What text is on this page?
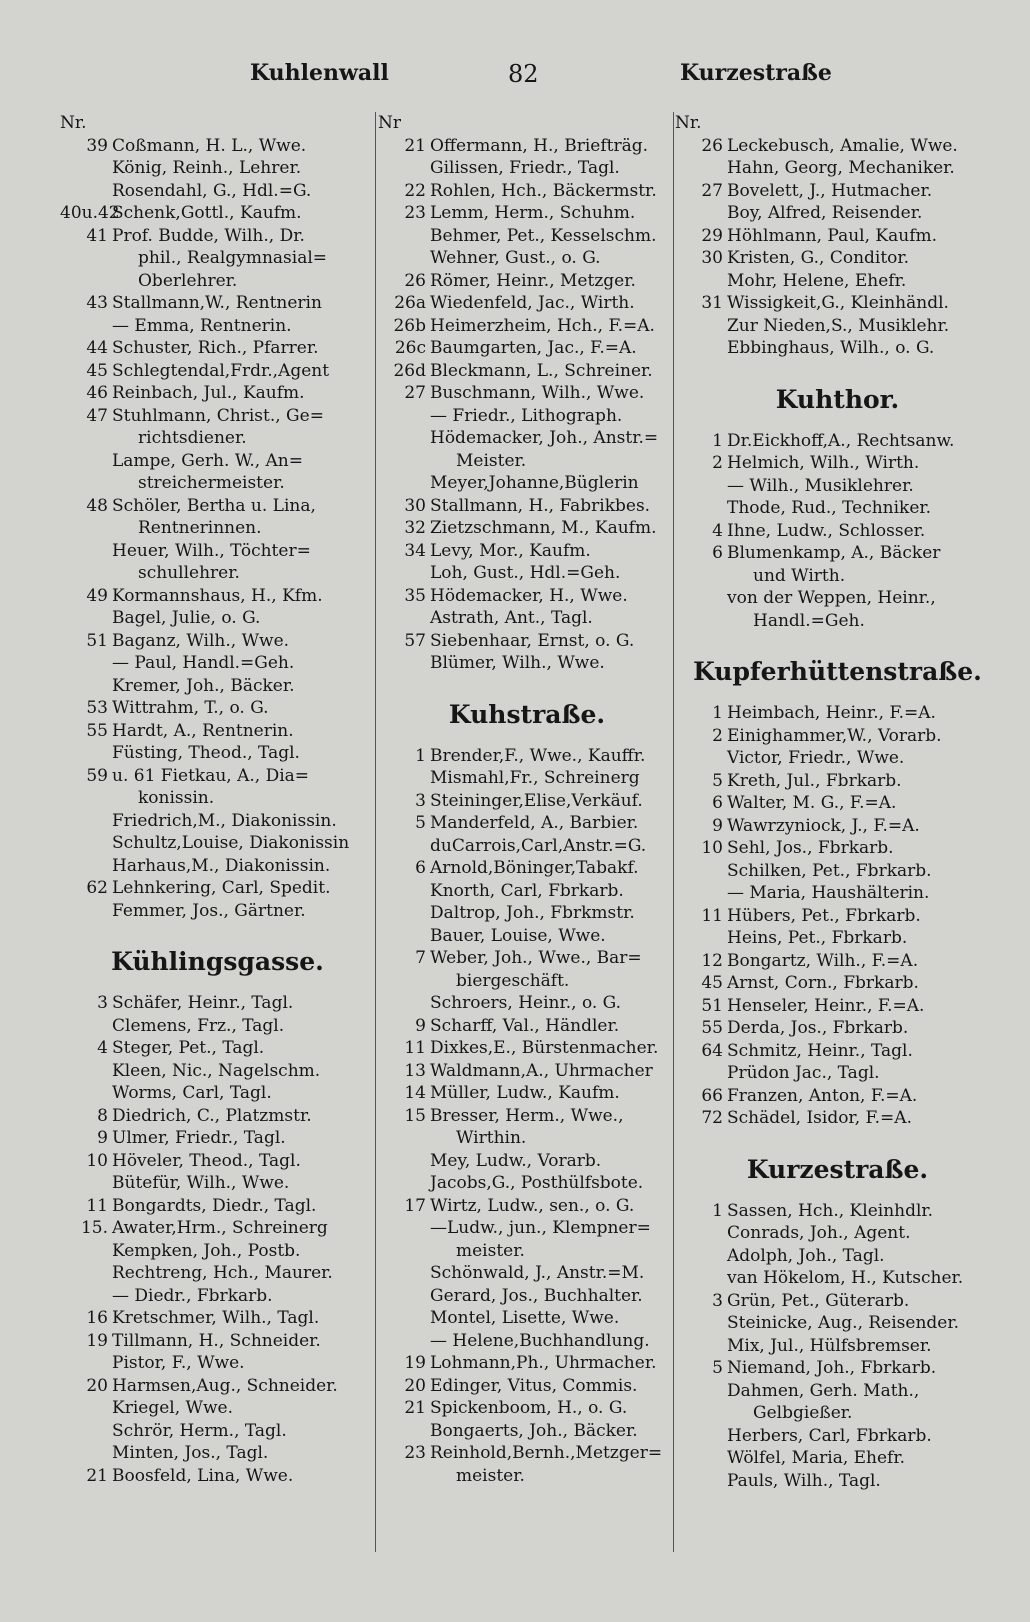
Kuhlenwall	82	Kurzestraße
Nr.
39 Coßmann, H. L., Wwe.
König, Reinh., Lehrer.
Rosendahl, G., Hdl.=G.
40u.42
Schenk,Gottl., Kaufm.
41 Prof. Budde, Wilh., Dr.
phil., Realgymnasial=
Oberlehrer.
43 Stallmann,W., Rentnerin
— Emma, Rentnerin.
44 Schuster, Rich., Pfarrer.
45 Schlegtendal,Frdr.,Agent
46 Reinbach, Jul., Kaufm.
47 Stuhlmann, Christ., Ge=
richtsdiener.
Lampe, Gerh. W., An=
streichermeister.
48 Schöler, Bertha u. Lina,
Rentnerinnen.
Heuer, Wilh., Töchter=
schullehrer.
49 Kormannshaus, H., Kfm.
Bagel, Julie, o. G.
51 Baganz, Wilh., Wwe.
— Paul, Handl.=Geh.
Kremer, Joh., Bäcker.
53 Wittrahm, T., o. G.
55 Hardt, A., Rentnerin.
Füsting, Theod., Tagl.
59 u. 61 Fietkau, A., Dia=
konissin.
Friedrich,M., Diakonissin.
Schultz,Louise, Diakonissin
Harhaus,M., Diakonissin.
62 Lehnkering, Carl, Spedit.
Femmer, Jos., Gärtner.
Kühlingsgasse.
3 Schäfer, Heinr., Tagl.
Clemens, Frz., Tagl.
4 Steger, Pet., Tagl.
Kleen, Nic., Nagelschm.
Worms, Carl, Tagl.
8 Diedrich, C., Platzmstr.
9 Ulmer, Friedr., Tagl.
10 Höveler, Theod., Tagl.
Bütefür, Wilh., Wwe.
11 Bongardts, Diedr., Tagl.
15. Awater,Hrm., Schreinerg
Kempken, Joh., Postb.
Rechtreng, Hch., Maurer.
— Diedr., Fbrkarb.
16 Kretschmer, Wilh., Tagl.
19 Tillmann, H., Schneider.
Pistor, F., Wwe.
20 Harmsen,Aug., Schneider.
Kriegel, Wwe.
Schrör, Herm., Tagl.
Minten, Jos., Tagl.
21 Boosfeld, Lina, Wwe.
Nr
21 Offermann, H., Briefträg.
Gilissen, Friedr., Tagl.
22 Rohlen, Hch., Bäckermstr.
23 Lemm, Herm., Schuhm.
Behmer, Pet., Kesselschm.
Wehner, Gust., o. G.
26 Römer, Heinr., Metzger.
26a Wiedenfeld, Jac., Wirth.
26b Heimerzheim, Hch., F.=A.
26c Baumgarten, Jac., F.=A.
26d Bleckmann, L., Schreiner.
27 Buschmann, Wilh., Wwe.
— Friedr., Lithograph.
Hödemacker, Joh., Anstr.=
Meister.
Meyer,Johanne,Büglerin
30 Stallmann, H., Fabrikbes.
32 Zietzschmann, M., Kaufm.
34 Levy, Mor., Kaufm.
Loh, Gust., Hdl.=Geh.
35 Hödemacker, H., Wwe.
Astrath, Ant., Tagl.
57 Siebenhaar, Ernst, o. G.
Blümer, Wilh., Wwe.
Kuhstraße.
1 Brender,F., Wwe., Kauffr.
Mismahl,Fr., Schreinerg
3 Steininger,Elise,Verkäuf.
5 Manderfeld, A., Barbier.
duCarrois,Carl,Anstr.=G.
6 Arnold,Böninger,Tabakf.
Knorth, Carl, Fbrkarb.
Daltrop, Joh., Fbrkmstr.
Bauer, Louise, Wwe.
7 Weber, Joh., Wwe., Bar=
biergeschäft.
Schroers, Heinr., o. G.
9 Scharff, Val., Händler.
11 Dixkes,E., Bürstenmacher.
13 Waldmann,A., Uhrmacher
14 Müller, Ludw., Kaufm.
15 Bresser, Herm., Wwe.,
Wirthin.
Mey, Ludw., Vorarb.
Jacobs,G., Posthülfsbote.
17 Wirtz, Ludw., sen., o. G.
—Ludw., jun., Klempner=
meister.
Schönwald, J., Anstr.=M.
Gerard, Jos., Buchhalter.
Montel, Lisette, Wwe.
— Helene,Buchhandlung.
19 Lohmann,Ph., Uhrmacher.
20 Edinger, Vitus, Commis.
21 Spickenboom, H., o. G.
Bongaerts, Joh., Bäcker.
23 Reinhold,Bernh.,Metzger=
meister.
Nr.
26 Leckebusch, Amalie, Wwe.
Hahn, Georg, Mechaniker.
27 Bovelett, J., Hutmacher.
Boy, Alfred, Reisender.
29 Höhlmann, Paul, Kaufm.
30 Kristen, G., Conditor.
Mohr, Helene, Ehefr.
31 Wissigkeit,G., Kleinhändl.
Zur Nieden,S., Musiklehr.
Ebbinghaus, Wilh., o. G.
Kuhthor.
1 Dr.Eickhoff,A., Rechtsanw.
2 Helmich, Wilh., Wirth.
— Wilh., Musiklehrer.
Thode, Rud., Techniker.
4 Ihne, Ludw., Schlosser.
6 Blumenkamp, A., Bäcker
und Wirth.
von der Weppen, Heinr.,
Handl.=Geh.
Kupferhüttenstraße.
1 Heimbach, Heinr., F.=A.
2 Einighammer,W., Vorarb.
Victor, Friedr., Wwe.
5 Kreth, Jul., Fbrkarb.
6 Walter, M. G., F.=A.
9 Wawrzyniock, J., F.=A.
10 Sehl, Jos., Fbrkarb.
Schilken, Pet., Fbrkarb.
— Maria, Haushälterin.
11 Hübers, Pet., Fbrkarb.
Heins, Pet., Fbrkarb.
12 Bongartz, Wilh., F.=A.
45 Arnst, Corn., Fbrkarb.
51 Henseler, Heinr., F.=A.
55 Derda, Jos., Fbrkarb.
64 Schmitz, Heinr., Tagl.
Prüdon Jac., Tagl.
66 Franzen, Anton, F.=A.
72 Schädel, Isidor, F.=A.
Kurzestraße.
1 Sassen, Hch., Kleinhdlr.
Conrads, Joh., Agent.
Adolph, Joh., Tagl.
van Hökelom, H., Kutscher.
3 Grün, Pet., Güterarb.
Steinicke, Aug., Reisender.
Mix, Jul., Hülfsbremser.
5 Niemand, Joh., Fbrkarb.
Dahmen, Gerh. Math.,
Gelbgießer.
Herbers, Carl, Fbrkarb.
Wölfel, Maria, Ehefr.
Pauls, Wilh., Tagl.
